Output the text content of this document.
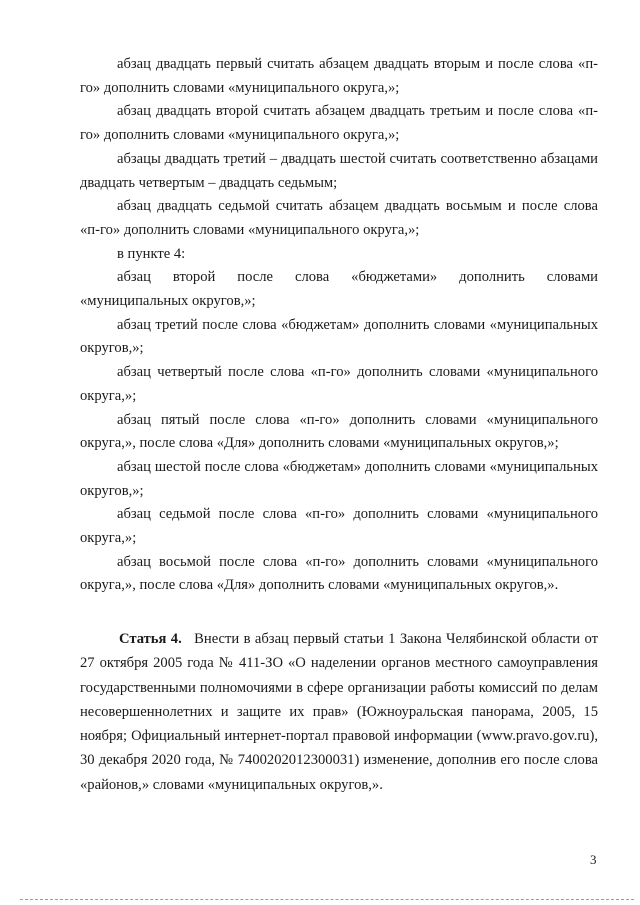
абзац двадцать первый считать абзацем двадцать вторым и после слова «п-го» дополнить словами «муниципального округа,»;

абзац двадцать второй считать абзацем двадцать третьим и после слова «п-го» дополнить словами «муниципального округа,»;

абзацы двадцать третий – двадцать шестой считать соответственно абзацами двадцать четвертым – двадцать седьмым;

абзац двадцать седьмой считать абзацем двадцать восьмым и после слова «п-го» дополнить словами «муниципального округа,»;

в пункте 4:

абзац второй после слова «бюджетами» дополнить словами «муниципальных округов,»;

абзац третий после слова «бюджетам» дополнить словами «муниципальных округов,»;

абзац четвертый после слова «п-го» дополнить словами «муниципального округа,»;

абзац пятый после слова «п-го» дополнить словами «муниципального округа,», после слова «Для» дополнить словами «муниципальных округов,»;

абзац шестой после слова «бюджетам» дополнить словами «муниципальных округов,»;

абзац седьмой после слова «п-го» дополнить словами «муниципального округа,»;

абзац восьмой после слова «п-го» дополнить словами «муниципального округа,», после слова «Для» дополнить словами «муниципальных округов,».

Статья 4. Внести в абзац первый статьи 1 Закона Челябинской области от 27 октября 2005 года № 411-ЗО «О наделении органов местного самоуправления государственными полномочиями в сфере организации работы комиссий по делам несовершеннолетних и защите их прав» (Южноуральская панорама, 2005, 15 ноября; Официальный интернет-портал правовой информации (www.pravo.gov.ru), 30 декабря 2020 года, № 7400202012300031) изменение, дополнив его после слова «районов,» словами «муниципальных округов,».

3
